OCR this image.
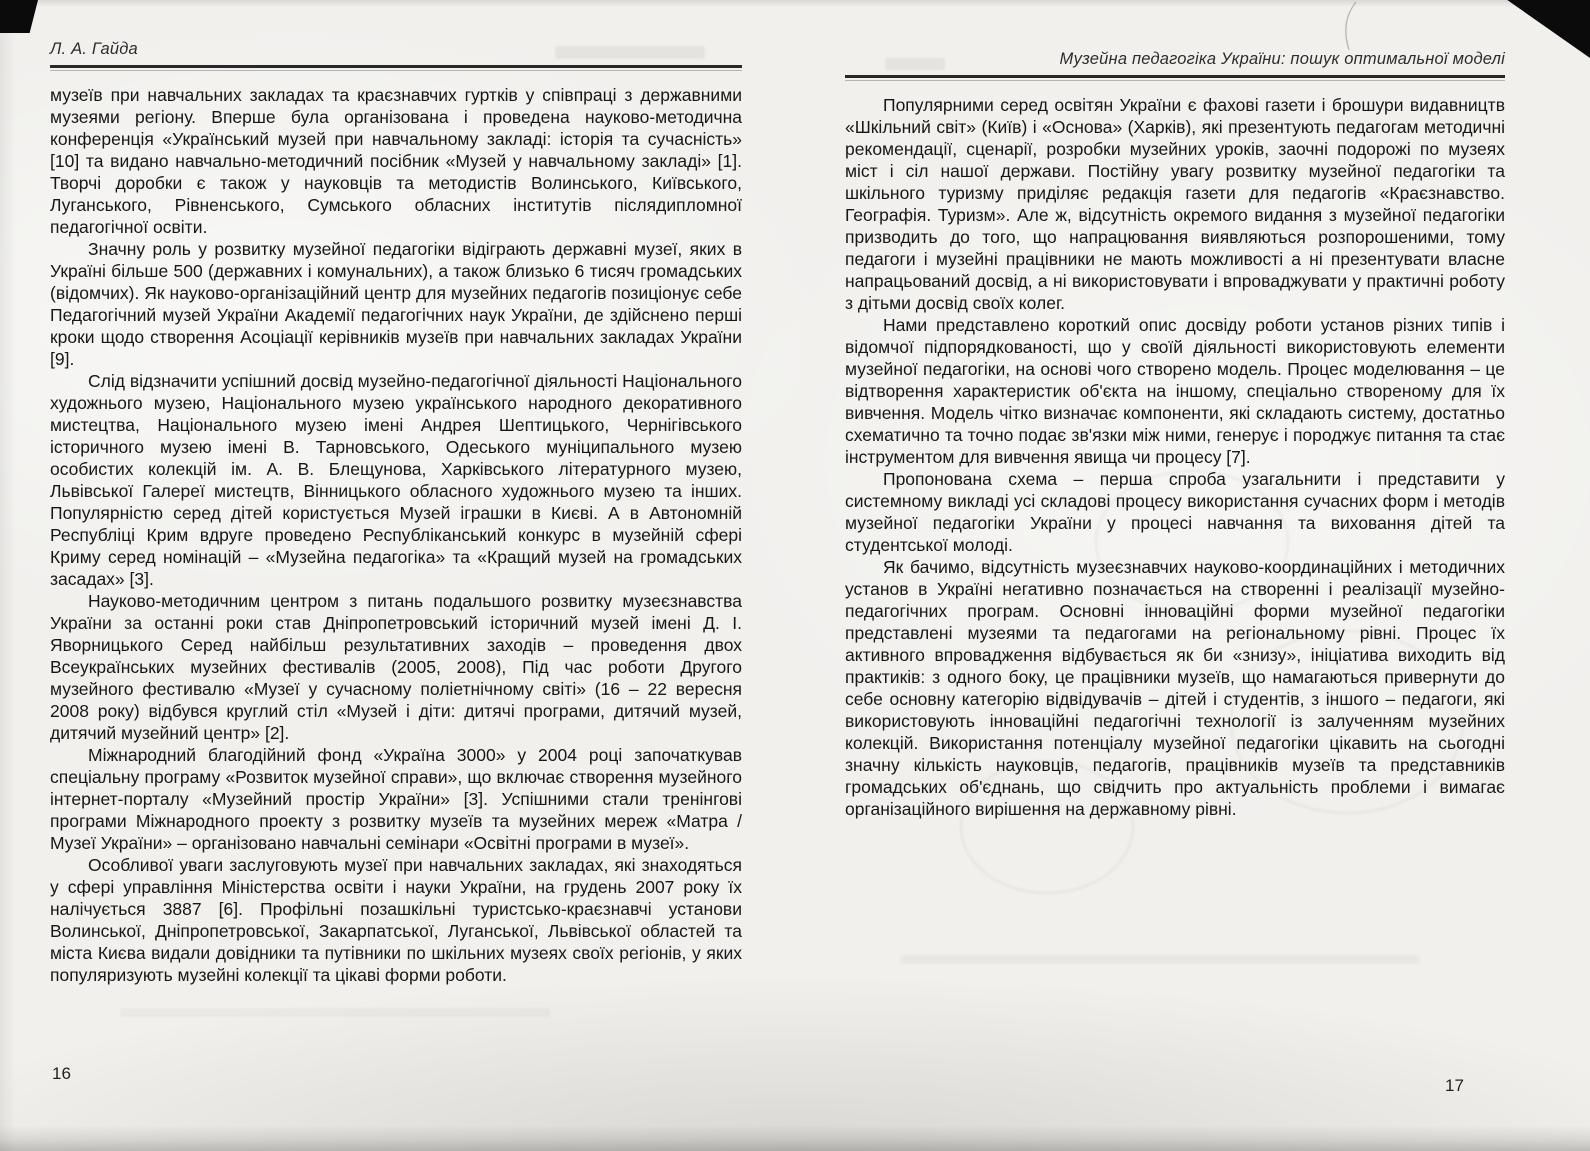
Л. А. Гайда

музеїв при навчальних закладах та краєзнавчих гуртків у співпраці з державними музеями регіону. Вперше була організована і проведена науково-методична конференція «Український музей при навчальному закладі: історія та сучасність» [10] та видано навчально-методичний посібник «Музей у навчальному закладі» [1]. Творчі доробки є також у науковців та методистів Волинського, Київського, Луганського, Рівненського, Сумського обласних інститутів післядипломної педагогічної освіти.

Значну роль у розвитку музейної педагогіки відіграють державні музеї, яких в Україні більше 500 (державних і комунальних), а також близько 6 тисяч громадських (відомчих). Як науково-організаційний центр для музейних педагогів позиціонує себе Педагогічний музей України Академії педагогічних наук України, де здійснено перші кроки щодо створення Асоціації керівників музеїв при навчальних закладах України [9].

Слід відзначити успішний досвід музейно-педагогічної діяльності Національного художнього музею, Національного музею українського народного декоративного мистецтва, Національного музею імені Андрея Шептицького, Чернігівського історичного музею імені В. Тарновського, Одеського муніципального музею особистих колекцій ім. А. В. Блещунова, Харківського літературного музею, Львівської Галереї мистецтв, Вінницького обласного художнього музею та інших. Популярністю серед дітей користується Музей іграшки в Києві. А в Автономній Республіці Крим вдруге проведено Республіканський конкурс в музейній сфері Криму серед номінацій – «Музейна педагогіка» та «Кращий музей на громадських засадах» [3].

Науково-методичним центром з питань подальшого розвитку музеєзнавства України за останні роки став Дніпропетровський історичний музей імені Д. І. Яворницького Серед найбільш результативних заходів – проведення двох Всеукраїнських музейних фестивалів (2005, 2008), Під час роботи Другого музейного фестивалю «Музеї у сучасному поліетнічному світі» (16 – 22 вересня 2008 року) відбувся круглий стіл «Музей і діти: дитячі програми, дитячий музей, дитячий музейний центр» [2].

Міжнародний благодійний фонд «Україна 3000» у 2004 році започаткував спеціальну програму «Розвиток музейної справи», що включає створення музейного інтернет-порталу «Музейний простір України» [3]. Успішними стали тренінгові програми Міжнародного проекту з розвитку музеїв та музейних мереж «Матра / Музеї України» – організовано навчальні семінари «Освітні програми в музеї».

Особливої уваги заслуговують музеї при навчальних закладах, які знаходяться у сфері управління Міністерства освіти і науки України, на грудень 2007 року їх налічується 3887 [6]. Профільні позашкільні туристсько-краєзнавчі установи Волинської, Дніпропетровської, Закарпатської, Луганської, Львівської областей та міста Києва видали довідники та путівники по шкільних музеях своїх регіонів, у яких популяризують музейні колекції та цікаві форми роботи.

Музейна педагогіка України: пошук оптимальної моделі

Популярними серед освітян України є фахові газети і брошури видавництв «Шкільний світ» (Київ) і «Основа» (Харків), які презентують педагогам методичні рекомендації, сценарії, розробки музейних уроків, заочні подорожі по музеях міст і сіл нашої держави. Постійну увагу розвитку музейної педагогіки та шкільного туризму приділяє редакція газети для педагогів «Краєзнавство. Географія. Туризм». Але ж, відсутність окремого видання з музейної педагогіки призводить до того, що напрацювання виявляються розпорошеними, тому педагоги і музейні працівники не мають можливості а ні презентувати власне напрацьований досвід, а ні використовувати і впроваджувати у практичні роботу з дітьми досвід своїх колег.

Нами представлено короткий опис досвіду роботи установ різних типів і відомчої підпорядкованості, що у своїй діяльності використовують елементи музейної педагогіки, на основі чого створено модель. Процес моделювання – це відтворення характеристик об'єкта на іншому, спеціально створеному для їх вивчення. Модель чітко визначає компоненти, які складають систему, достатньо схематично та точно подає зв'язки між ними, генерує і породжує питання та стає інструментом для вивчення явища чи процесу [7].

Пропонована схема – перша спроба узагальнити і представити у системному викладі усі складові процесу використання сучасних форм і методів музейної педагогіки України у процесі навчання та виховання дітей та студентської молоді.

Як бачимо, відсутність музеєзнавчих науково-координаційних і методичних установ в Україні негативно позначається на створенні і реалізації музейно-педагогічних програм. Основні інноваційні форми музейної педагогіки представлені музеями та педагогами на регіональному рівні. Процес їх активного впровадження відбувається як би «знизу», ініціатива виходить від практиків: з одного боку, це працівники музеїв, що намагаються привернути до себе основну категорію відвідувачів – дітей і студентів, з іншого – педагоги, які використовують інноваційні педагогічні технології із залученням музейних колекцій. Використання потенціалу музейної педагогіки цікавить на сьогодні значну кількість науковців, педагогів, працівників музеїв та представників громадських об'єднань, що свідчить про актуальність проблеми і вимагає організаційного вирішення на державному рівні.

16
17
